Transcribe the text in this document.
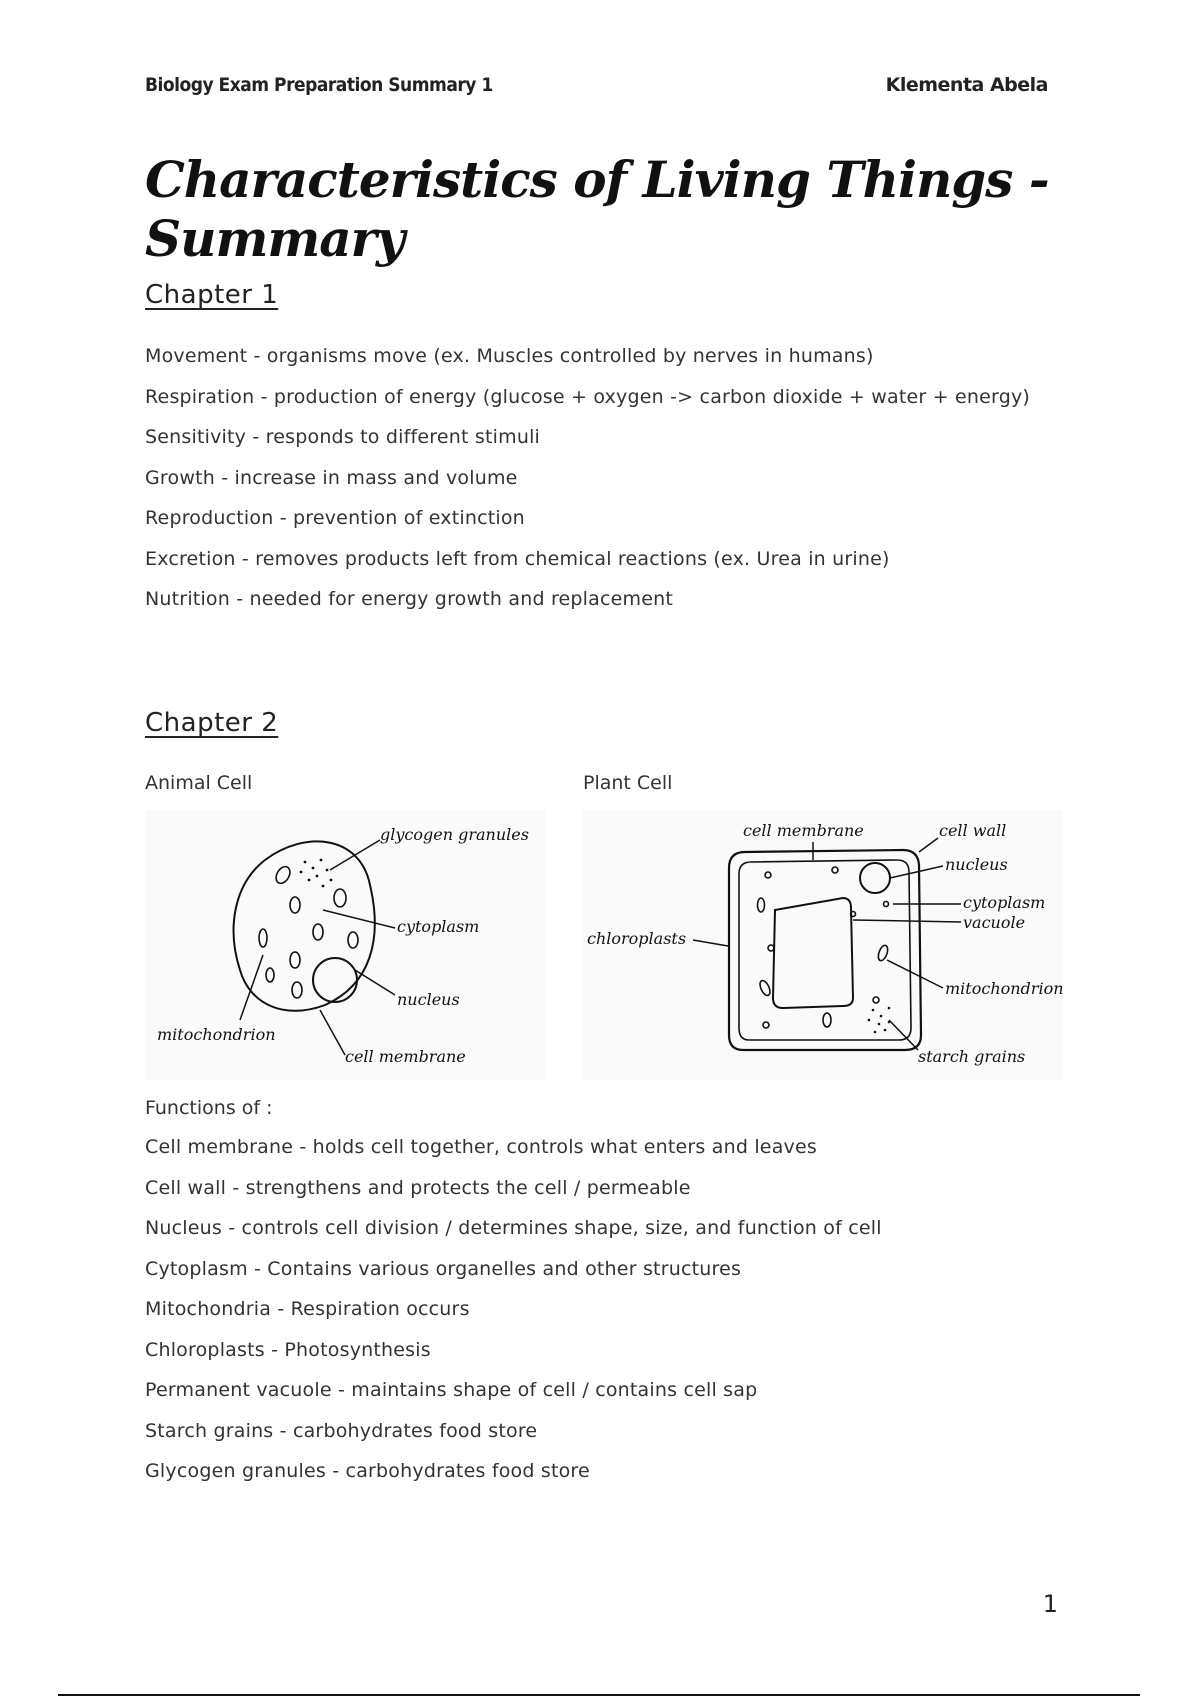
Biology Exam Preparation Summary 1	Klementa Abela
Characteristics of Living Things - Summary
Chapter 1
Movement - organisms move (ex. Muscles controlled by nerves in humans)
Respiration - production of energy (glucose + oxygen -> carbon dioxide + water + energy)
Sensitivity - responds to different stimuli
Growth - increase in mass and volume
Reproduction - prevention of extinction
Excretion - removes products left from chemical reactions (ex. Urea in urine)
Nutrition - needed for energy growth and replacement
Chapter 2
Animal Cell	Plant Cell
glycogen granules
cytoplasm
nucleus
mitochondrion
cell membrane
cell membrane	cell wall
nucleus
cytoplasm
vacuole
chloroplasts
mitochondrion
starch grains
Functions of :
Cell membrane - holds cell together, controls what enters and leaves
Cell wall - strengthens and protects the cell / permeable
Nucleus - controls cell division / determines shape, size, and function of cell
Cytoplasm - Contains various organelles and other structures
Mitochondria - Respiration occurs
Chloroplasts - Photosynthesis
Permanent vacuole - maintains shape of cell / contains cell sap
Starch grains - carbohydrates food store
Glycogen granules - carbohydrates food store
1
